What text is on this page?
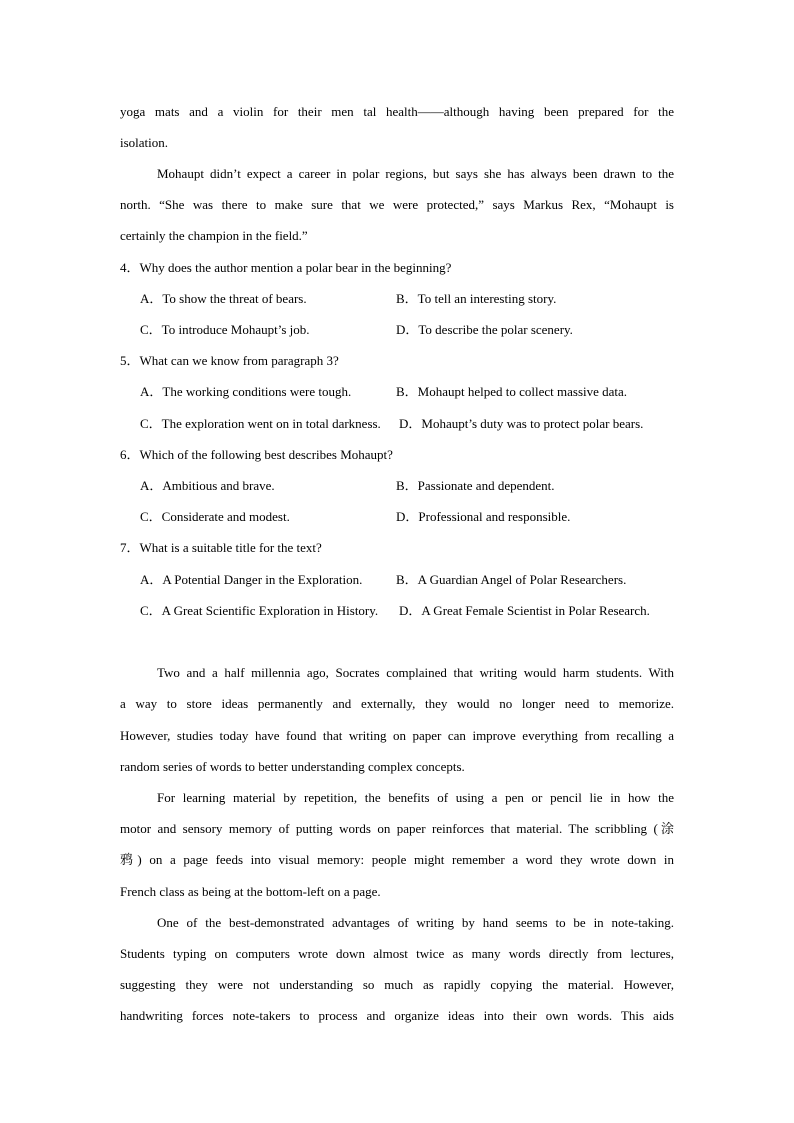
yoga mats and a violin for their men tal health——although having been prepared for the
isolation.
Mohaupt didn’t expect a career in polar regions, but says she has always been drawn to the
north. “She was there to make sure that we were protected,” says Markus Rex, “Mohaupt is
certainly the champion in the field.”
4．Why does the author mention a polar bear in the beginning?
A．To show the threat of bears.	B．To tell an interesting story.
C．To introduce Mohaupt’s job.	D．To describe the polar scenery.
5．What can we know from paragraph 3?
A．The working conditions were tough.	B．Mohaupt helped to collect massive data.
C．The exploration went on in total darkness.	D．Mohaupt’s duty was to protect polar bears.
6．Which of the following best describes Mohaupt?
A．Ambitious and brave.	B．Passionate and dependent.
C．Considerate and modest.	D．Professional and responsible.
7．What is a suitable title for the text?
A．A Potential Danger in the Exploration.	B．A Guardian Angel of Polar Researchers.
C．A Great Scientific Exploration in History.	D．A Great Female Scientist in Polar Research.
Two and a half millennia ago, Socrates complained that writing would harm students. With
a way to store ideas permanently and externally, they would no longer need to memorize.
However, studies today have found that writing on paper can improve everything from recalling a
random series of words to better understanding complex concepts.
For learning material by repetition, the benefits of using a pen or pencil lie in how the
motor and sensory memory of putting words on paper reinforces that material. The scribbling (涂
鸦) on a page feeds into visual memory: people might remember a word they wrote down in
French class as being at the bottom-left on a page.
One of the best-demonstrated advantages of writing by hand seems to be in note-taking.
Students typing on computers wrote down almost twice as many words directly from lectures,
suggesting they were not understanding so much as rapidly copying the material. However,
handwriting forces note-takers to process and organize ideas into their own words. This aids
